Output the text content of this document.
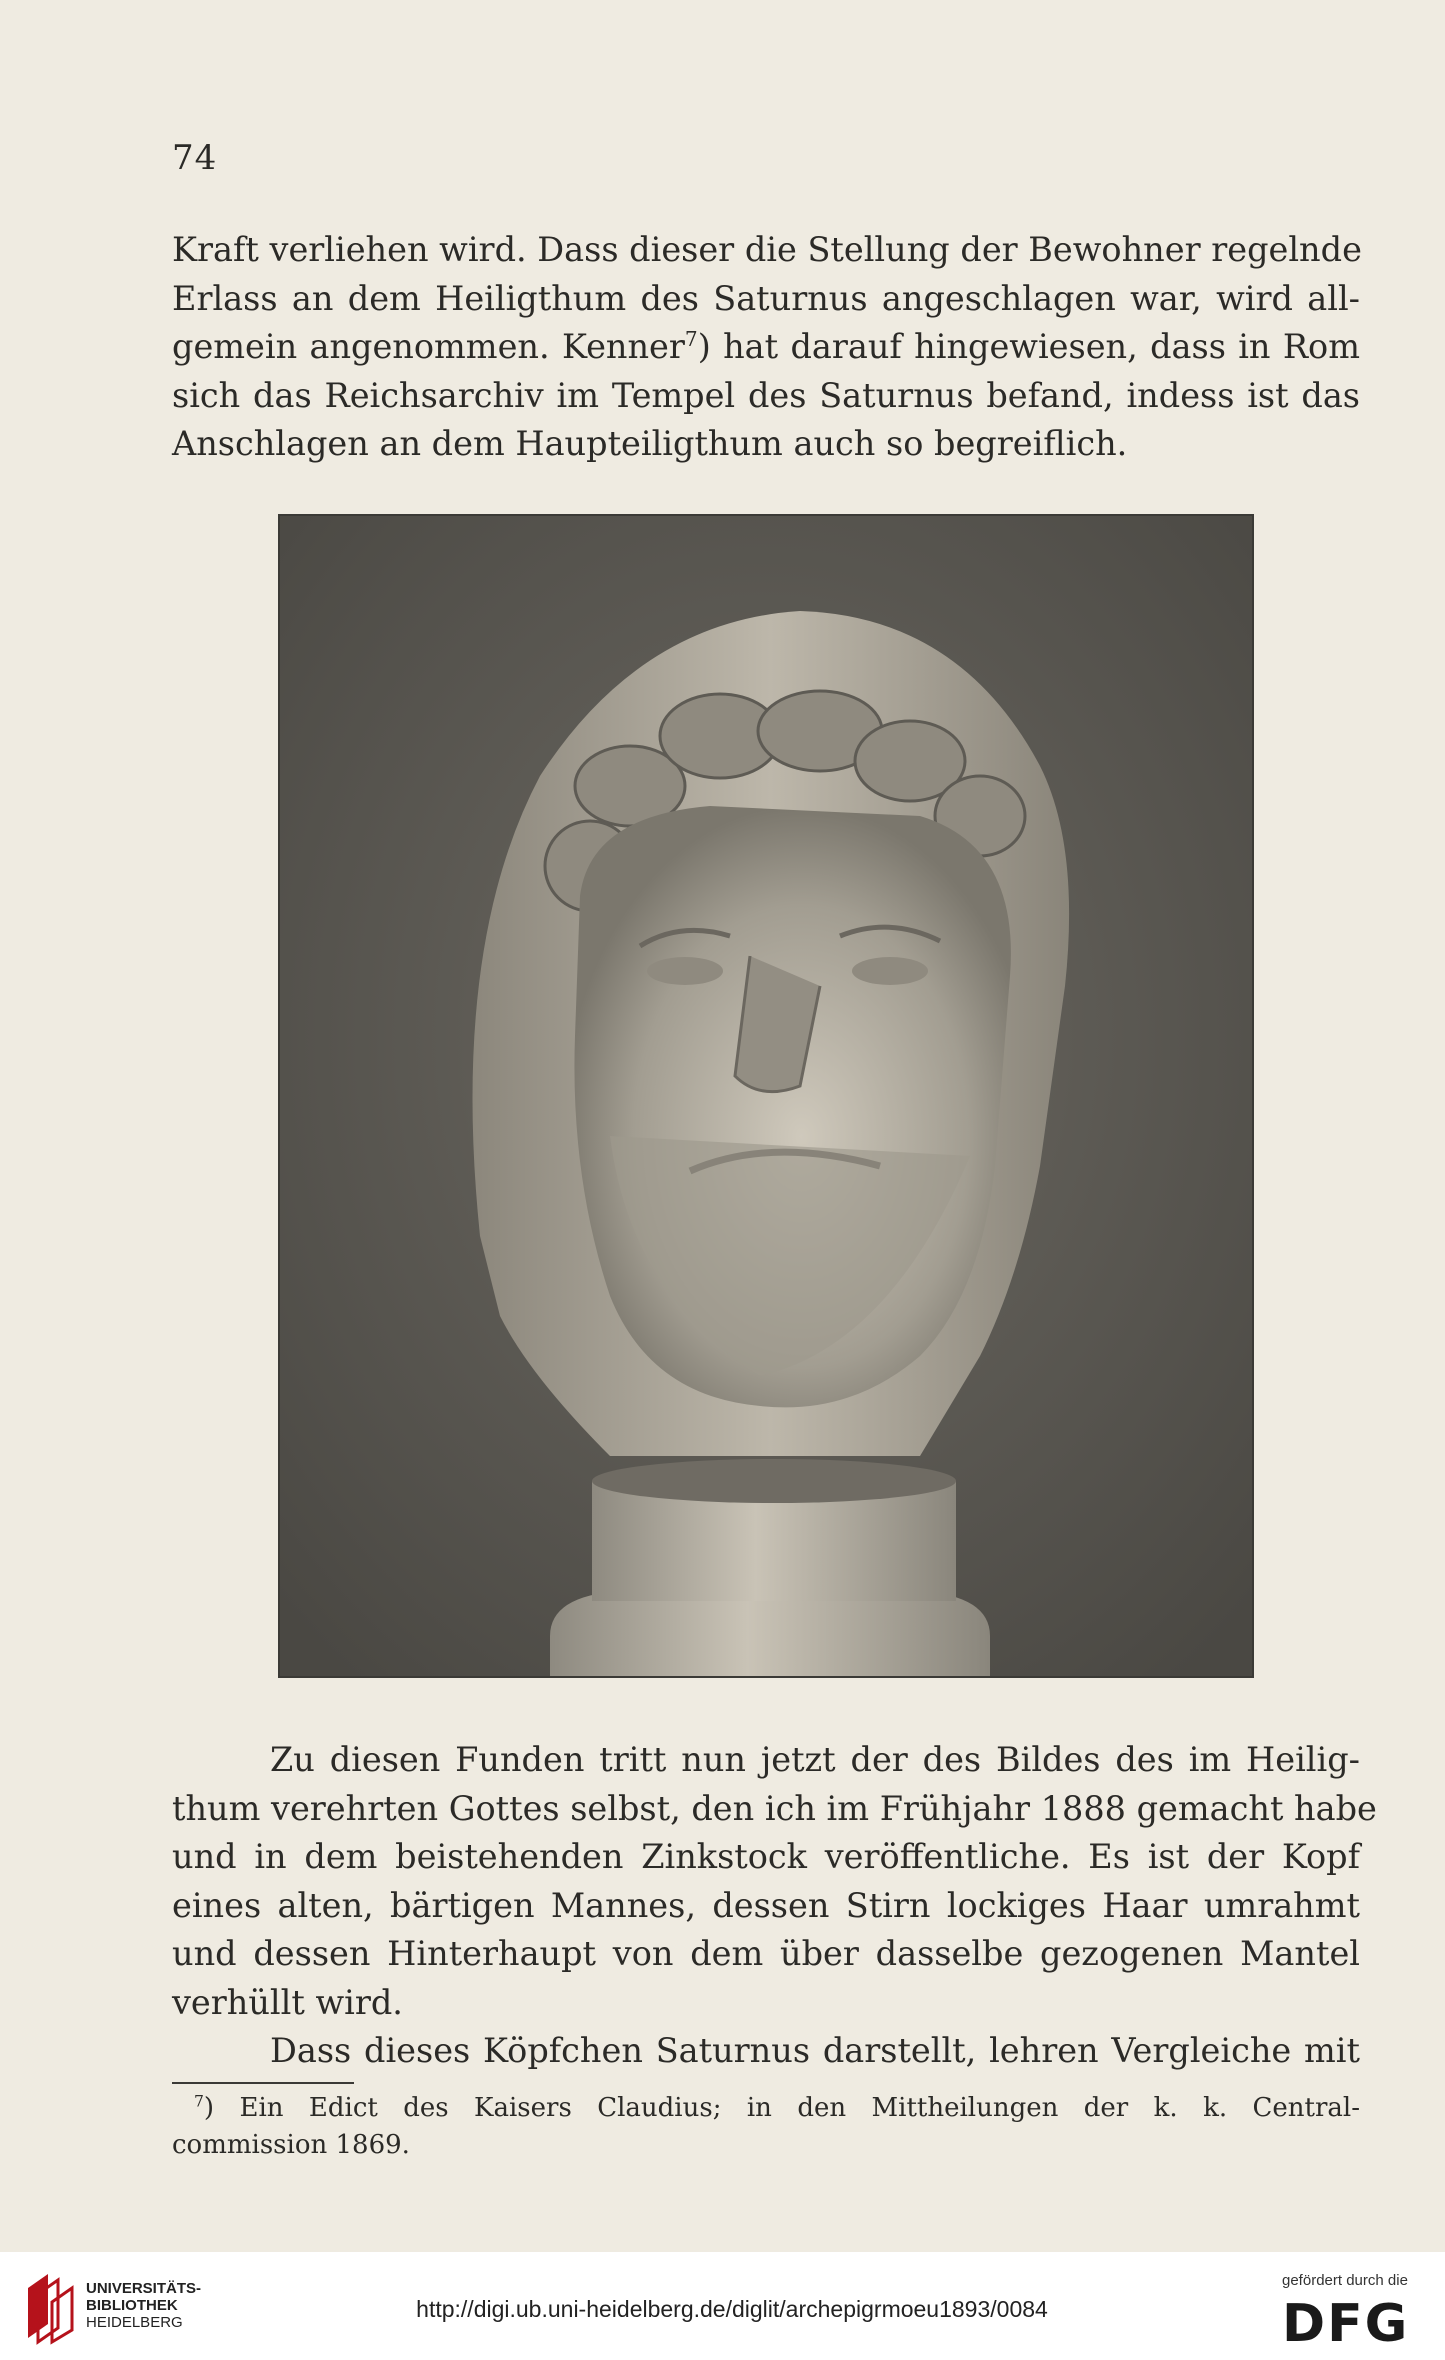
74
Kraft verliehen wird. Dass dieser die Stellung der Bewohner regelnde
Erlass an dem Heiligthum des Saturnus angeschlagen war, wird all-
gemein angenommen. Kenner$^7$) hat darauf hingewiesen, dass in Rom
sich das Reichsarchiv im Tempel des Saturnus befand, indess ist das
Anschlagen an dem Haupteiligthum auch so begreiflich.
Zu diesen Funden tritt nun jetzt der des Bildes des im Heilig-
thum verehrten Gottes selbst, den ich im Frühjahr 1888 gemacht habe
und in dem beistehenden Zinkstock veröffentliche. Es ist der Kopf
eines alten, bärtigen Mannes, dessen Stirn lockiges Haar umrahmt
und dessen Hinterhaupt von dem über dasselbe gezogenen Mantel
verhüllt wird.
Dass dieses Köpfchen Saturnus darstellt, lehren Vergleiche mit
$^7$) Ein Edict des Kaisers Claudius; in den Mittheilungen der k. k. Central-
commission 1869.
UNIVERSITÄTS-
BIBLIOTHEK
HEIDELBERG
http://digi.ub.uni-heidelberg.de/diglit/archepigrmoeu1893/0084
gefördert durch die
DFG
